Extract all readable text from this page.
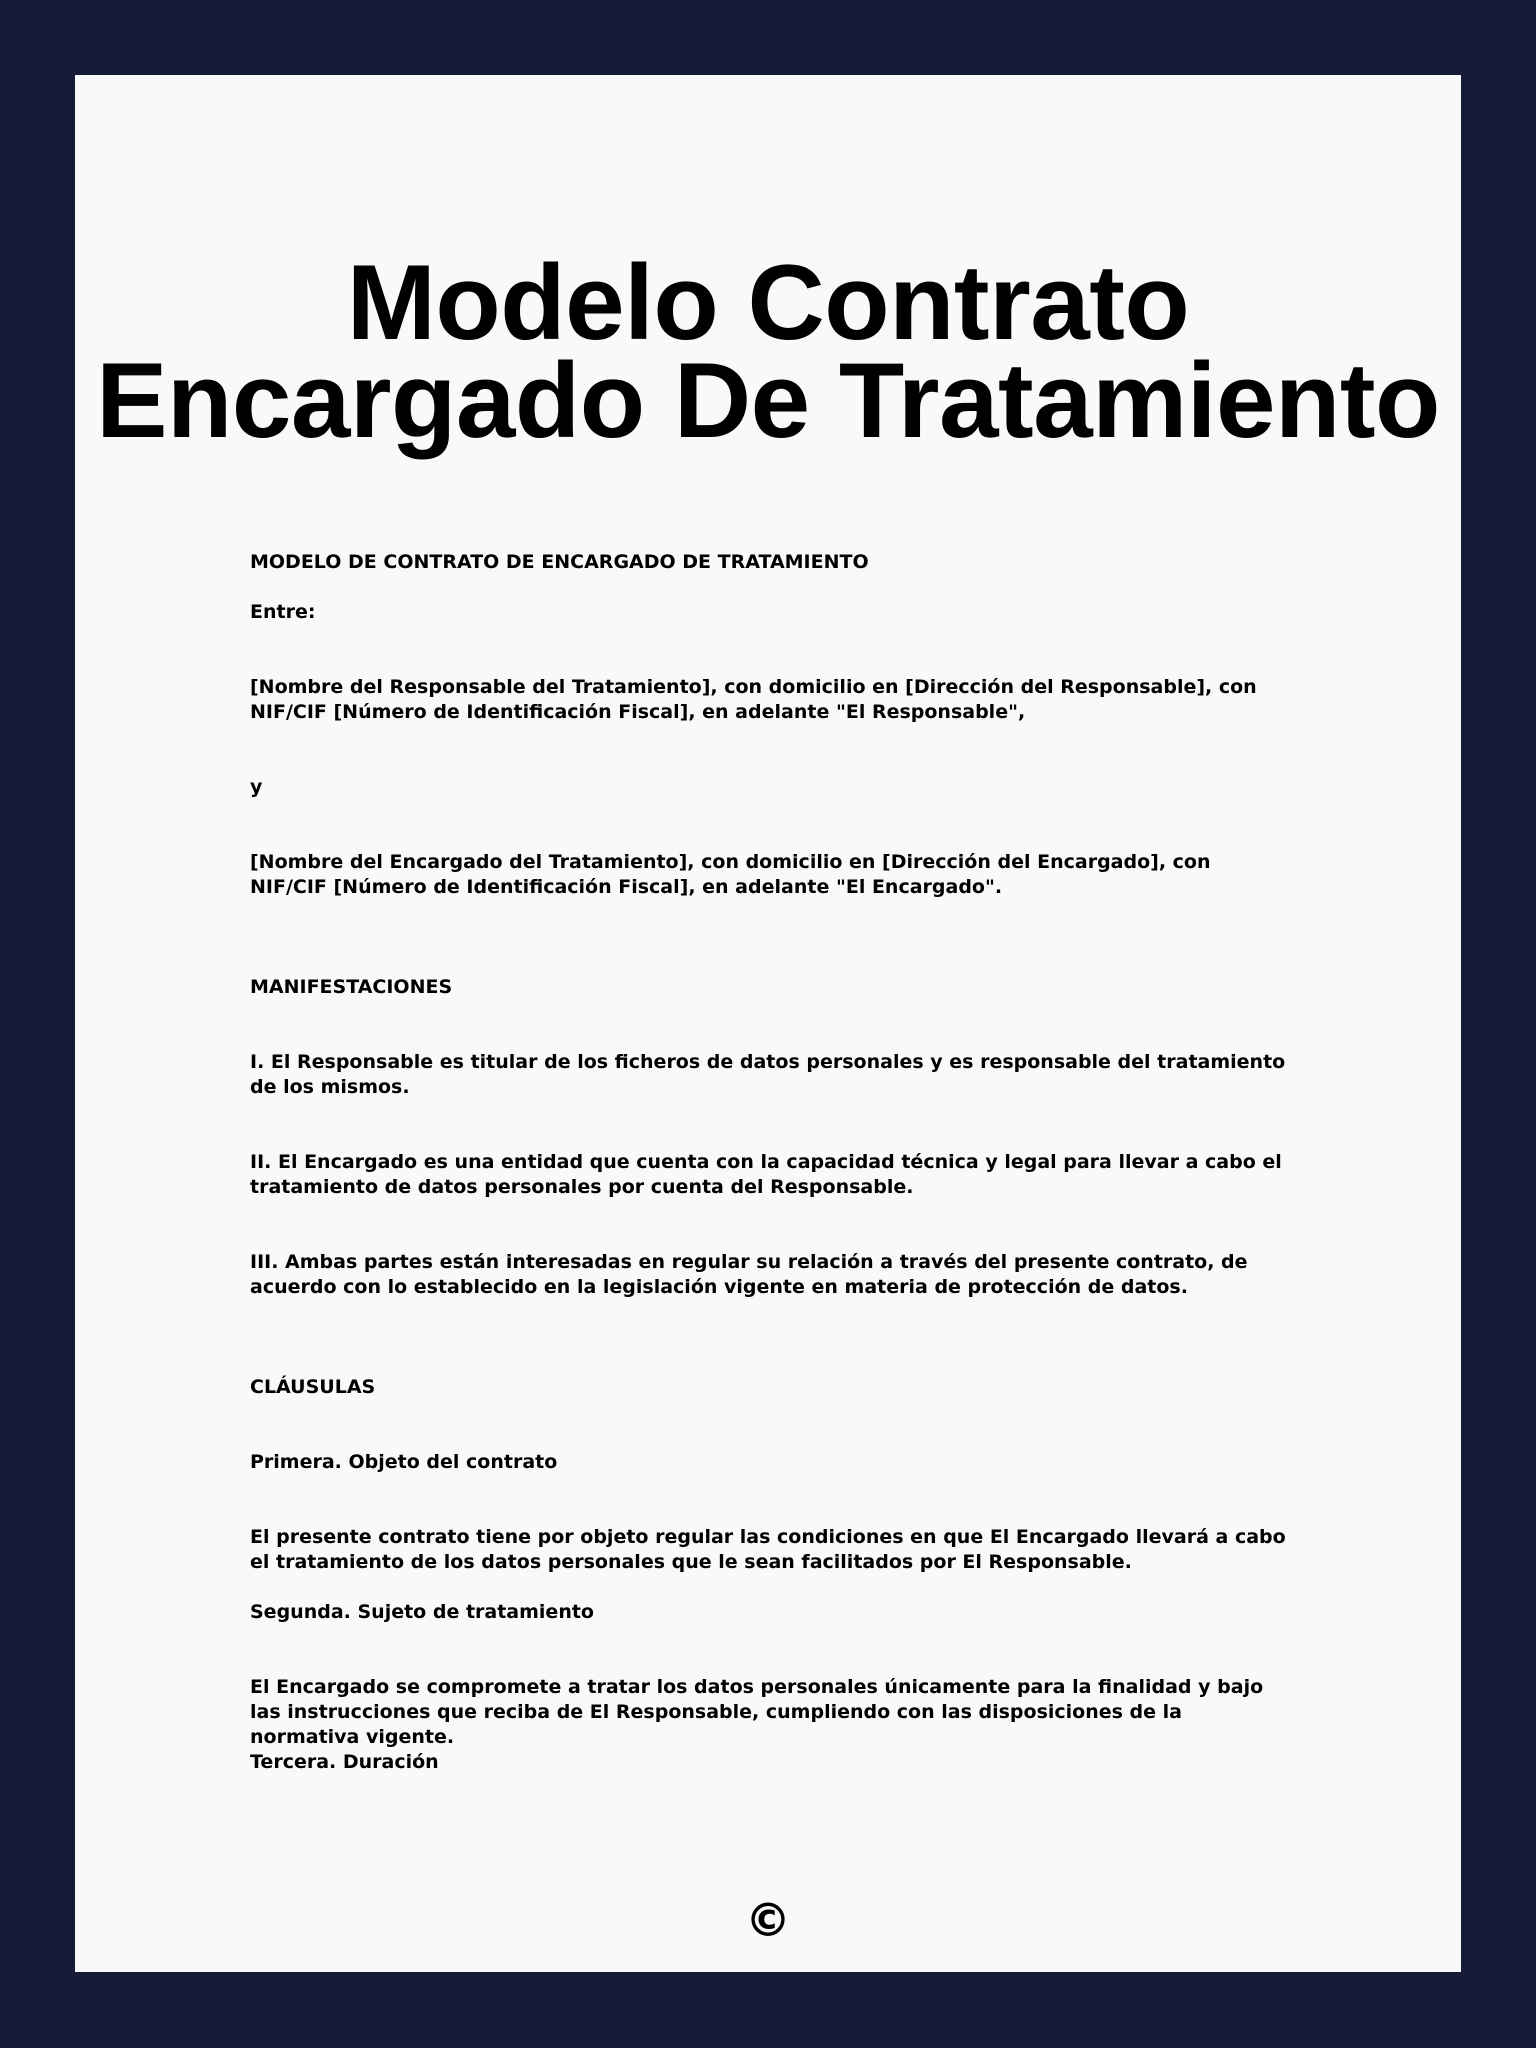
Modelo Contrato Encargado De Tratamiento

MODELO DE CONTRATO DE ENCARGADO DE TRATAMIENTO

Entre:

[Nombre del Responsable del Tratamiento], con domicilio en [Dirección del Responsable], con NIF/CIF [Número de Identificación Fiscal], en adelante "El Responsable",

y

[Nombre del Encargado del Tratamiento], con domicilio en [Dirección del Encargado], con NIF/CIF [Número de Identificación Fiscal], en adelante "El Encargado".

MANIFESTACIONES

I. El Responsable es titular de los ficheros de datos personales y es responsable del tratamiento de los mismos.

II. El Encargado es una entidad que cuenta con la capacidad técnica y legal para llevar a cabo el tratamiento de datos personales por cuenta del Responsable.

III. Ambas partes están interesadas en regular su relación a través del presente contrato, de acuerdo con lo establecido en la legislación vigente en materia de protección de datos.

CLÁUSULAS

Primera. Objeto del contrato

El presente contrato tiene por objeto regular las condiciones en que El Encargado llevará a cabo el tratamiento de los datos personales que le sean facilitados por El Responsable.

Segunda. Sujeto de tratamiento

El Encargado se compromete a tratar los datos personales únicamente para la finalidad y bajo las instrucciones que reciba de El Responsable, cumpliendo con las disposiciones de la normativa vigente.

Tercera. Duración

©
